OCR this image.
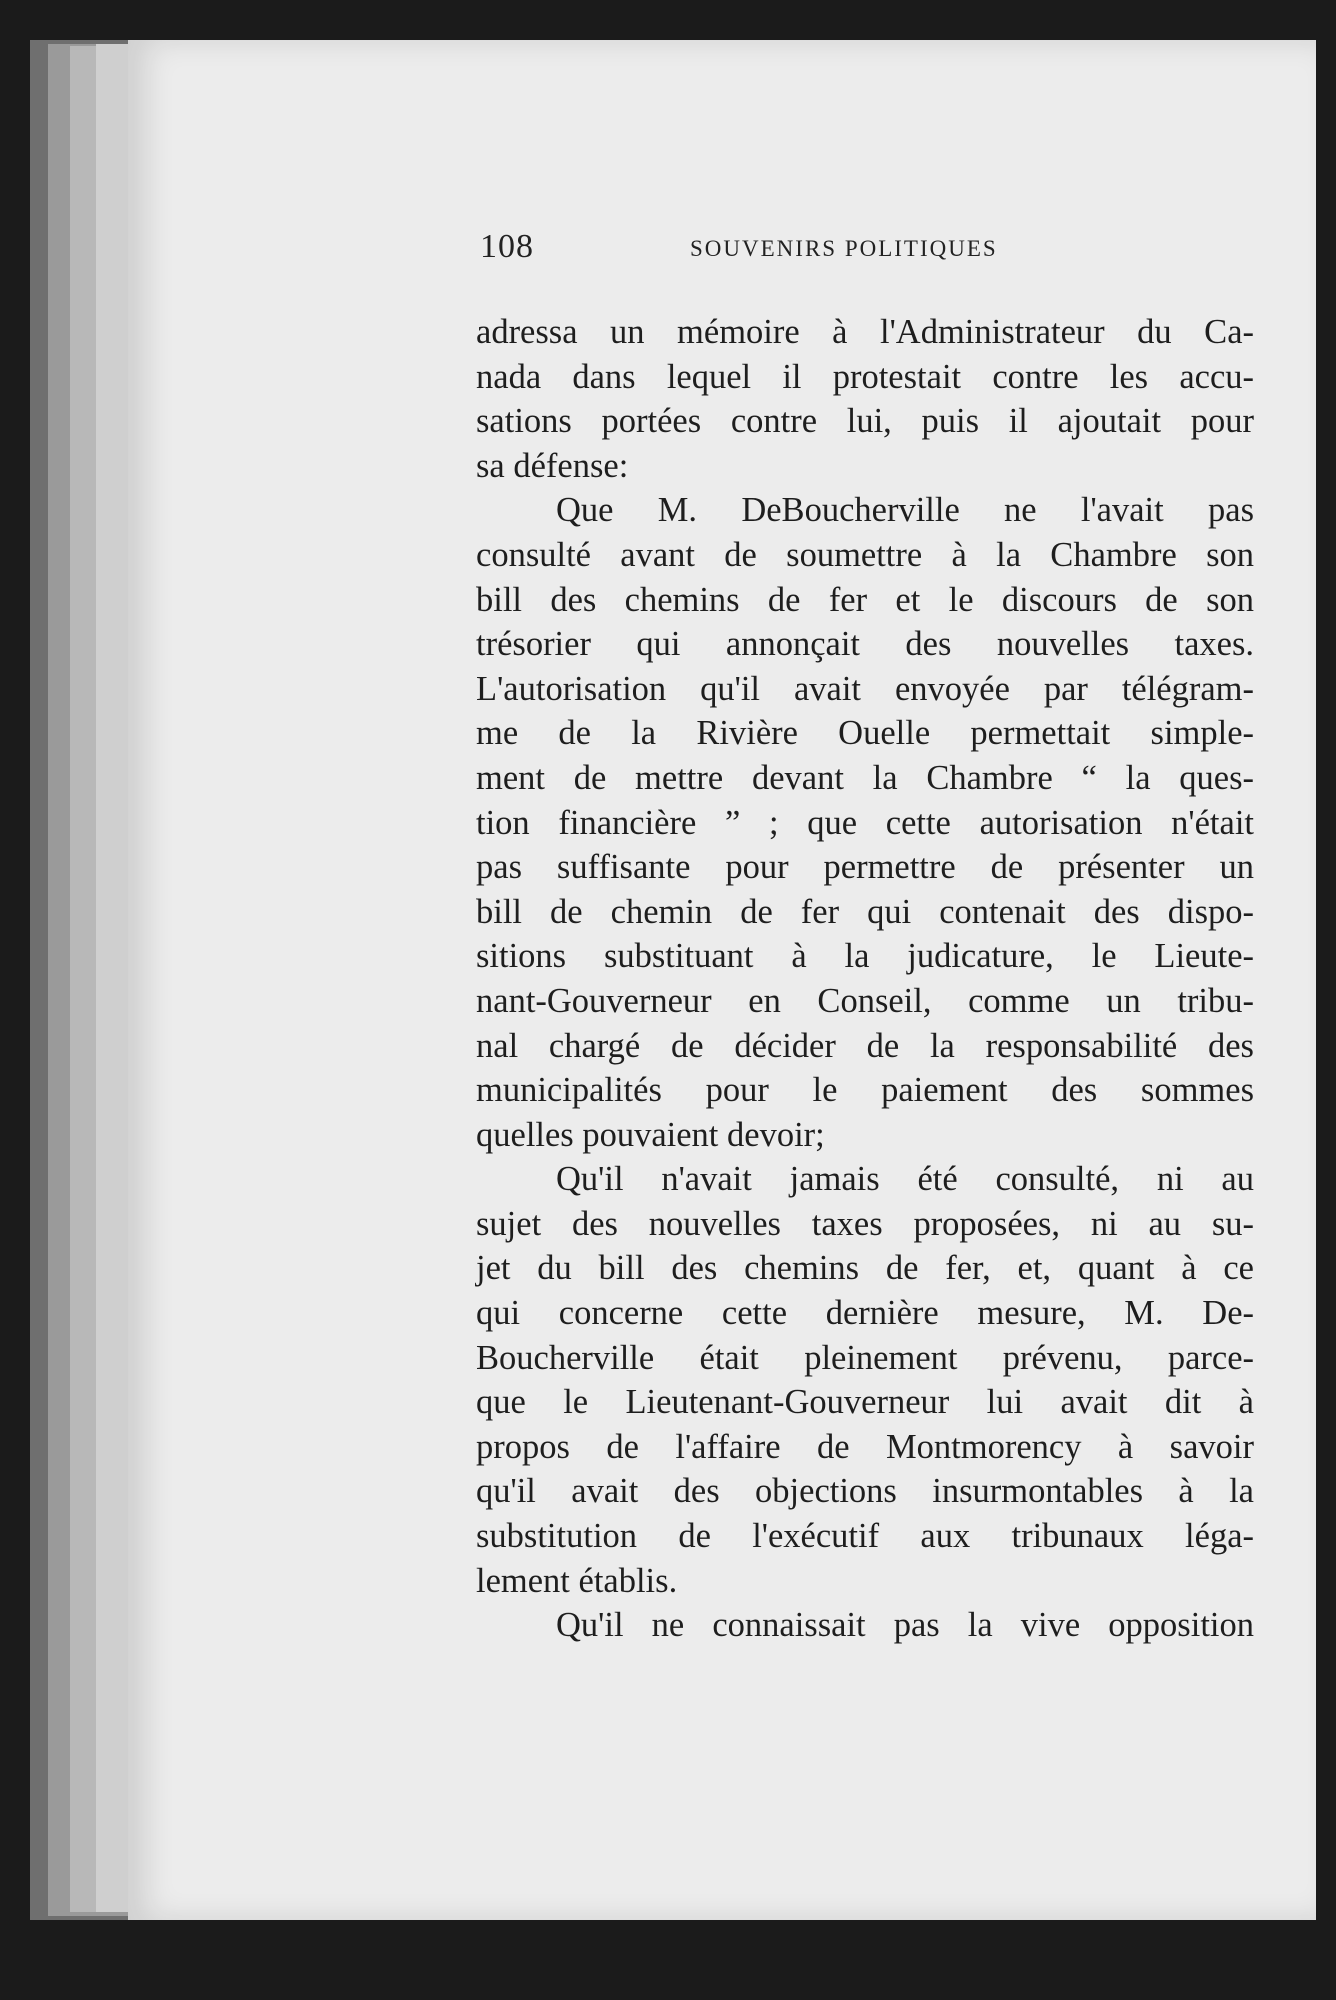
108	SOUVENIRS POLITIQUES
adressa un mémoire à l'Administrateur du Ca-
nada dans lequel il protestait contre les accu-
sations portées contre lui, puis il ajoutait pour
sa défense:
Que M. DeBoucherville ne l'avait pas
consulté avant de soumettre à la Chambre son
bill des chemins de fer et le discours de son
trésorier qui annonçait des nouvelles taxes.
L'autorisation qu'il avait envoyée par télégram-
me de la Rivière Ouelle permettait simple-
ment de mettre devant la Chambre “ la ques-
tion financière ” ; que cette autorisation n'était
pas suffisante pour permettre de présenter un
bill de chemin de fer qui contenait des dispo-
sitions substituant à la judicature, le Lieute-
nant-Gouverneur en Conseil, comme un tribu-
nal chargé de décider de la responsabilité des
municipalités pour le paiement des sommes
quelles pouvaient devoir;
Qu'il n'avait jamais été consulté, ni au
sujet des nouvelles taxes proposées, ni au su-
jet du bill des chemins de fer, et, quant à ce
qui concerne cette dernière mesure, M. De-
Boucherville était pleinement prévenu, parce-
que le Lieutenant-Gouverneur lui avait dit à
propos de l'affaire de Montmorency à savoir
qu'il avait des objections insurmontables à la
substitution de l'exécutif aux tribunaux léga-
lement établis.
Qu'il ne connaissait pas la vive opposition
